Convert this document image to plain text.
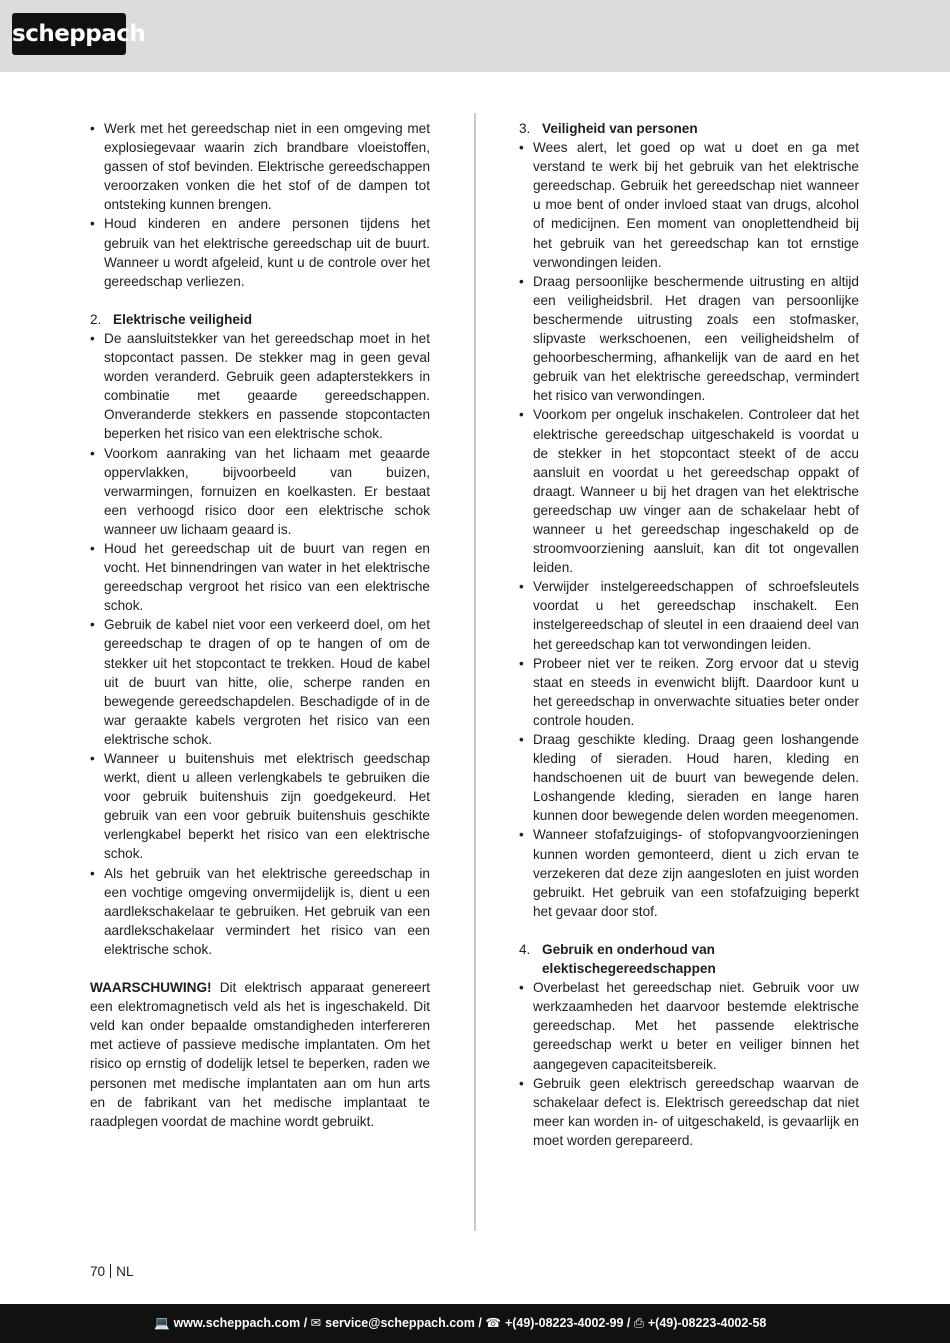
scheppach
• Werk met het gereedschap niet in een omgeving met explosiegevaar waarin zich brandbare vloeistoffen, gassen of stof bevinden. Elektrische gereedschappen veroorzaken vonken die het stof of de dampen tot ontsteking kunnen brengen.
• Houd kinderen en andere personen tijdens het gebruik van het elektrische gereedschap uit de buurt. Wanneer u wordt afgeleid, kunt u de controle over het gereedschap verliezen.
2. Elektrische veiligheid
• De aansluitstekker van het gereedschap moet in het stopcontact passen. De stekker mag in geen geval worden veranderd. Gebruik geen adapterstekkers in combinatie met geaarde gereedschappen. Onveranderde stekkers en passende stopcontacten beperken het risico van een elektrische schok.
• Voorkom aanraking van het lichaam met geaarde oppervlakken, bijvoorbeeld van buizen, verwarmingen, fornuizen en koelkasten. Er bestaat een verhoogd risico door een elektrische schok wanneer uw lichaam geaard is.
• Houd het gereedschap uit de buurt van regen en vocht. Het binnendringen van water in het elektrische gereedschap vergroot het risico van een elektrische schok.
• Gebruik de kabel niet voor een verkeerd doel, om het gereedschap te dragen of op te hangen of om de stekker uit het stopcontact te trekken. Houd de kabel uit de buurt van hitte, olie, scherpe randen en bewegende gereedschapdelen. Beschadigde of in de war geraakte kabels vergroten het risico van een elektrische schok.
• Wanneer u buitenshuis met elektrisch geedschap werkt, dient u alleen verlengkabels te gebruiken die voor gebruik buitenshuis zijn goedgekeurd. Het gebruik van een voor gebruik buitenshuis geschikte verlengkabel beperkt het risico van een elektrische schok.
• Als het gebruik van het elektrische gereedschap in een vochtige omgeving onvermijdelijk is, dient u een aardlekschakelaar te gebruiken. Het gebruik van een aardlekschakelaar vermindert het risico van een elektrische schok.

WAARSCHUWING! Dit elektrisch apparaat genereert een elektromagnetisch veld als het is ingeschakeld. Dit veld kan onder bepaalde omstandigheden interfereren met actieve of passieve medische implantaten. Om het risico op ernstig of dodelijk letsel te beperken, raden we personen met medische implantaten aan om hun arts en de fabrikant van het medische implantaat te raadplegen voordat de machine wordt gebruikt.

3. Veiligheid van personen
• Wees alert, let goed op wat u doet en ga met verstand te werk bij het gebruik van het elektrische gereedschap. Gebruik het gereedschap niet wanneer u moe bent of onder invloed staat van drugs, alcohol of medicijnen. Een moment van onoplettendheid bij het gebruik van het gereedschap kan tot ernstige verwondingen leiden.
• Draag persoonlijke beschermende uitrusting en altijd een veiligheidsbril. Het dragen van persoonlijke beschermende uitrusting zoals een stofmasker, slipvaste werkschoenen, een veiligheidshelm of gehoorbescherming, afhankelijk van de aard en het gebruik van het elektrische gereedschap, vermindert het risico van verwondingen.
• Voorkom per ongeluk inschakelen. Controleer dat het elektrische gereedschap uitgeschakeld is voordat u de stekker in het stopcontact steekt of de accu aansluit en voordat u het gereedschap oppakt of draagt. Wanneer u bij het dragen van het elektrische gereedschap uw vinger aan de schakelaar hebt of wanneer u het gereedschap ingeschakeld op de stroomvoorziening aansluit, kan dit tot ongevallen leiden.
• Verwijder instelgereedschappen of schroefsleutels voordat u het gereedschap inschakelt. Een instelgereedschap of sleutel in een draaiend deel van het gereedschap kan tot verwondingen leiden.
• Probeer niet ver te reiken. Zorg ervoor dat u stevig staat en steeds in evenwicht blijft. Daardoor kunt u het gereedschap in onverwachte situaties beter onder controle houden.
• Draag geschikte kleding. Draag geen loshangende kleding of sieraden. Houd haren, kleding en handschoenen uit de buurt van bewegende delen. Loshangende kleding, sieraden en lange haren kunnen door bewegende delen worden meegenomen.
• Wanneer stofafzuigings- of stofopvangvoorzieningen kunnen worden gemonteerd, dient u zich ervan te verzekeren dat deze zijn aangesloten en juist worden gebruikt. Het gebruik van een stofafzuiging beperkt het gevaar door stof.
4. Gebruik en onderhoud van elektischegereedschappen
• Overbelast het gereedschap niet. Gebruik voor uw werkzaamheden het daarvoor bestemde elektrische gereedschap. Met het passende elektrische gereedschap werkt u beter en veiliger binnen het aangegeven capaciteitsbereik.
• Gebruik geen elektrisch gereedschap waarvan de schakelaar defect is. Elektrisch gereedschap dat niet meer kan worden in- of uitgeschakeld, is gevaarlijk en moet worden gerepareerd.
70 NL
💻 www.scheppach.com / ✉ service@scheppach.com / ☎ +(49)-08223-4002-99 / ⎙ +(49)-08223-4002-58
